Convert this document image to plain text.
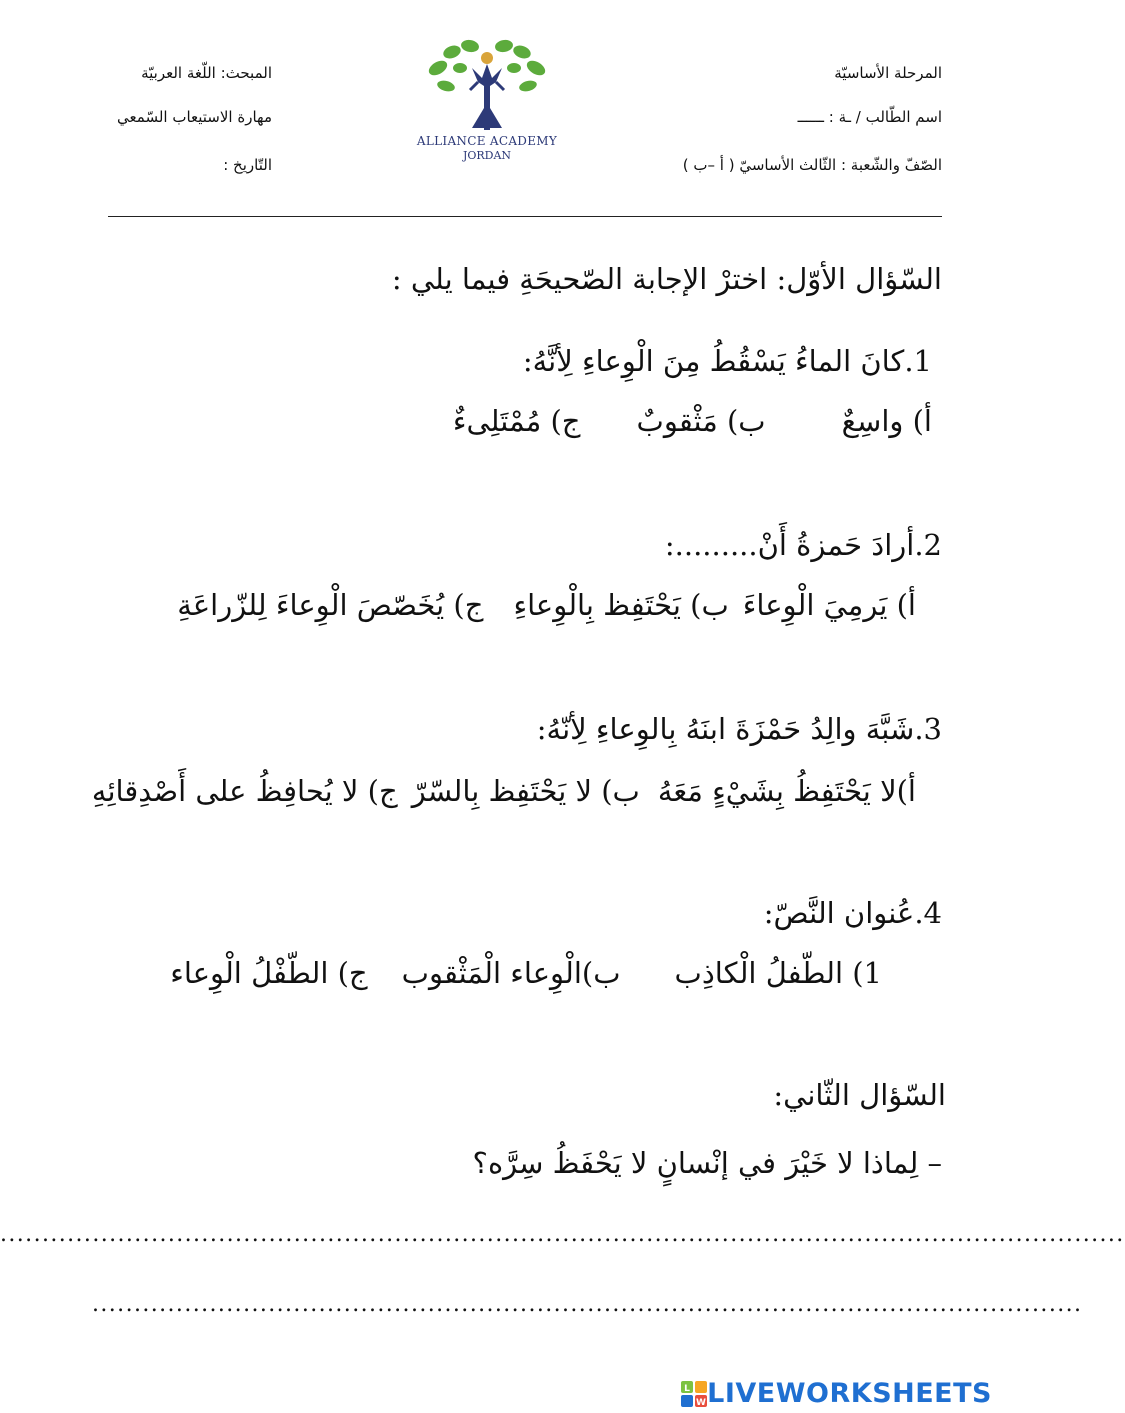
المرحلة الأساسيّة
اسم الطّالب / ـة : ــــــ
الصّفّ والشّعبة : الثّالث الأساسيّ ( أ –ب )
المبحث: اللّغة العربيّة
مهارة الاستيعاب السّمعي
التّاريخ :
ALLIANCE ACADEMY
JORDAN
السّؤال الأوّل: اخترْ الإجابة الصّحيحَةِ فيما يلي :
1.كانَ الماءُ يَسْقُطُ مِنَ الْوِعاءِ لِأنَّهُ:
أ) واسِعٌب) مَثْقوبٌج) مُمْتَلِىءٌ
2.أرادَ حَمزةُ أَنْ.........:
أ) يَرمِيَ الْوِعاءَب) يَحْتَفِظ بِالْوِعاءِج) يُخَصّصَ الْوِعاءَ لِلزّراعَةِ
3.شَبَّهَ والِدُ حَمْزَةَ ابنَهُ بِالوِعاءِ لِأنّهُ:
أ)لا يَحْتَفِظُ بِشَيْءٍ مَعَهُب) لا يَحْتَفِظ بِالسّرّج) لا يُحافِظُ على أَصْدِقائِهِ
4.عُنوان النَّصّ:
1) الطّفلُ الْكاذِبب)الْوِعاء الْمَثْقوبج) الطّفْلُ الْوِعاء
السّؤال الثّاني:
– لِماذا لا خَيْرَ في إنْسانٍ لا يَحْفَظُ سِرَّه؟
......................................................................................................................................
......................................................................................................................
L
W LIVEWORKSHEETS
